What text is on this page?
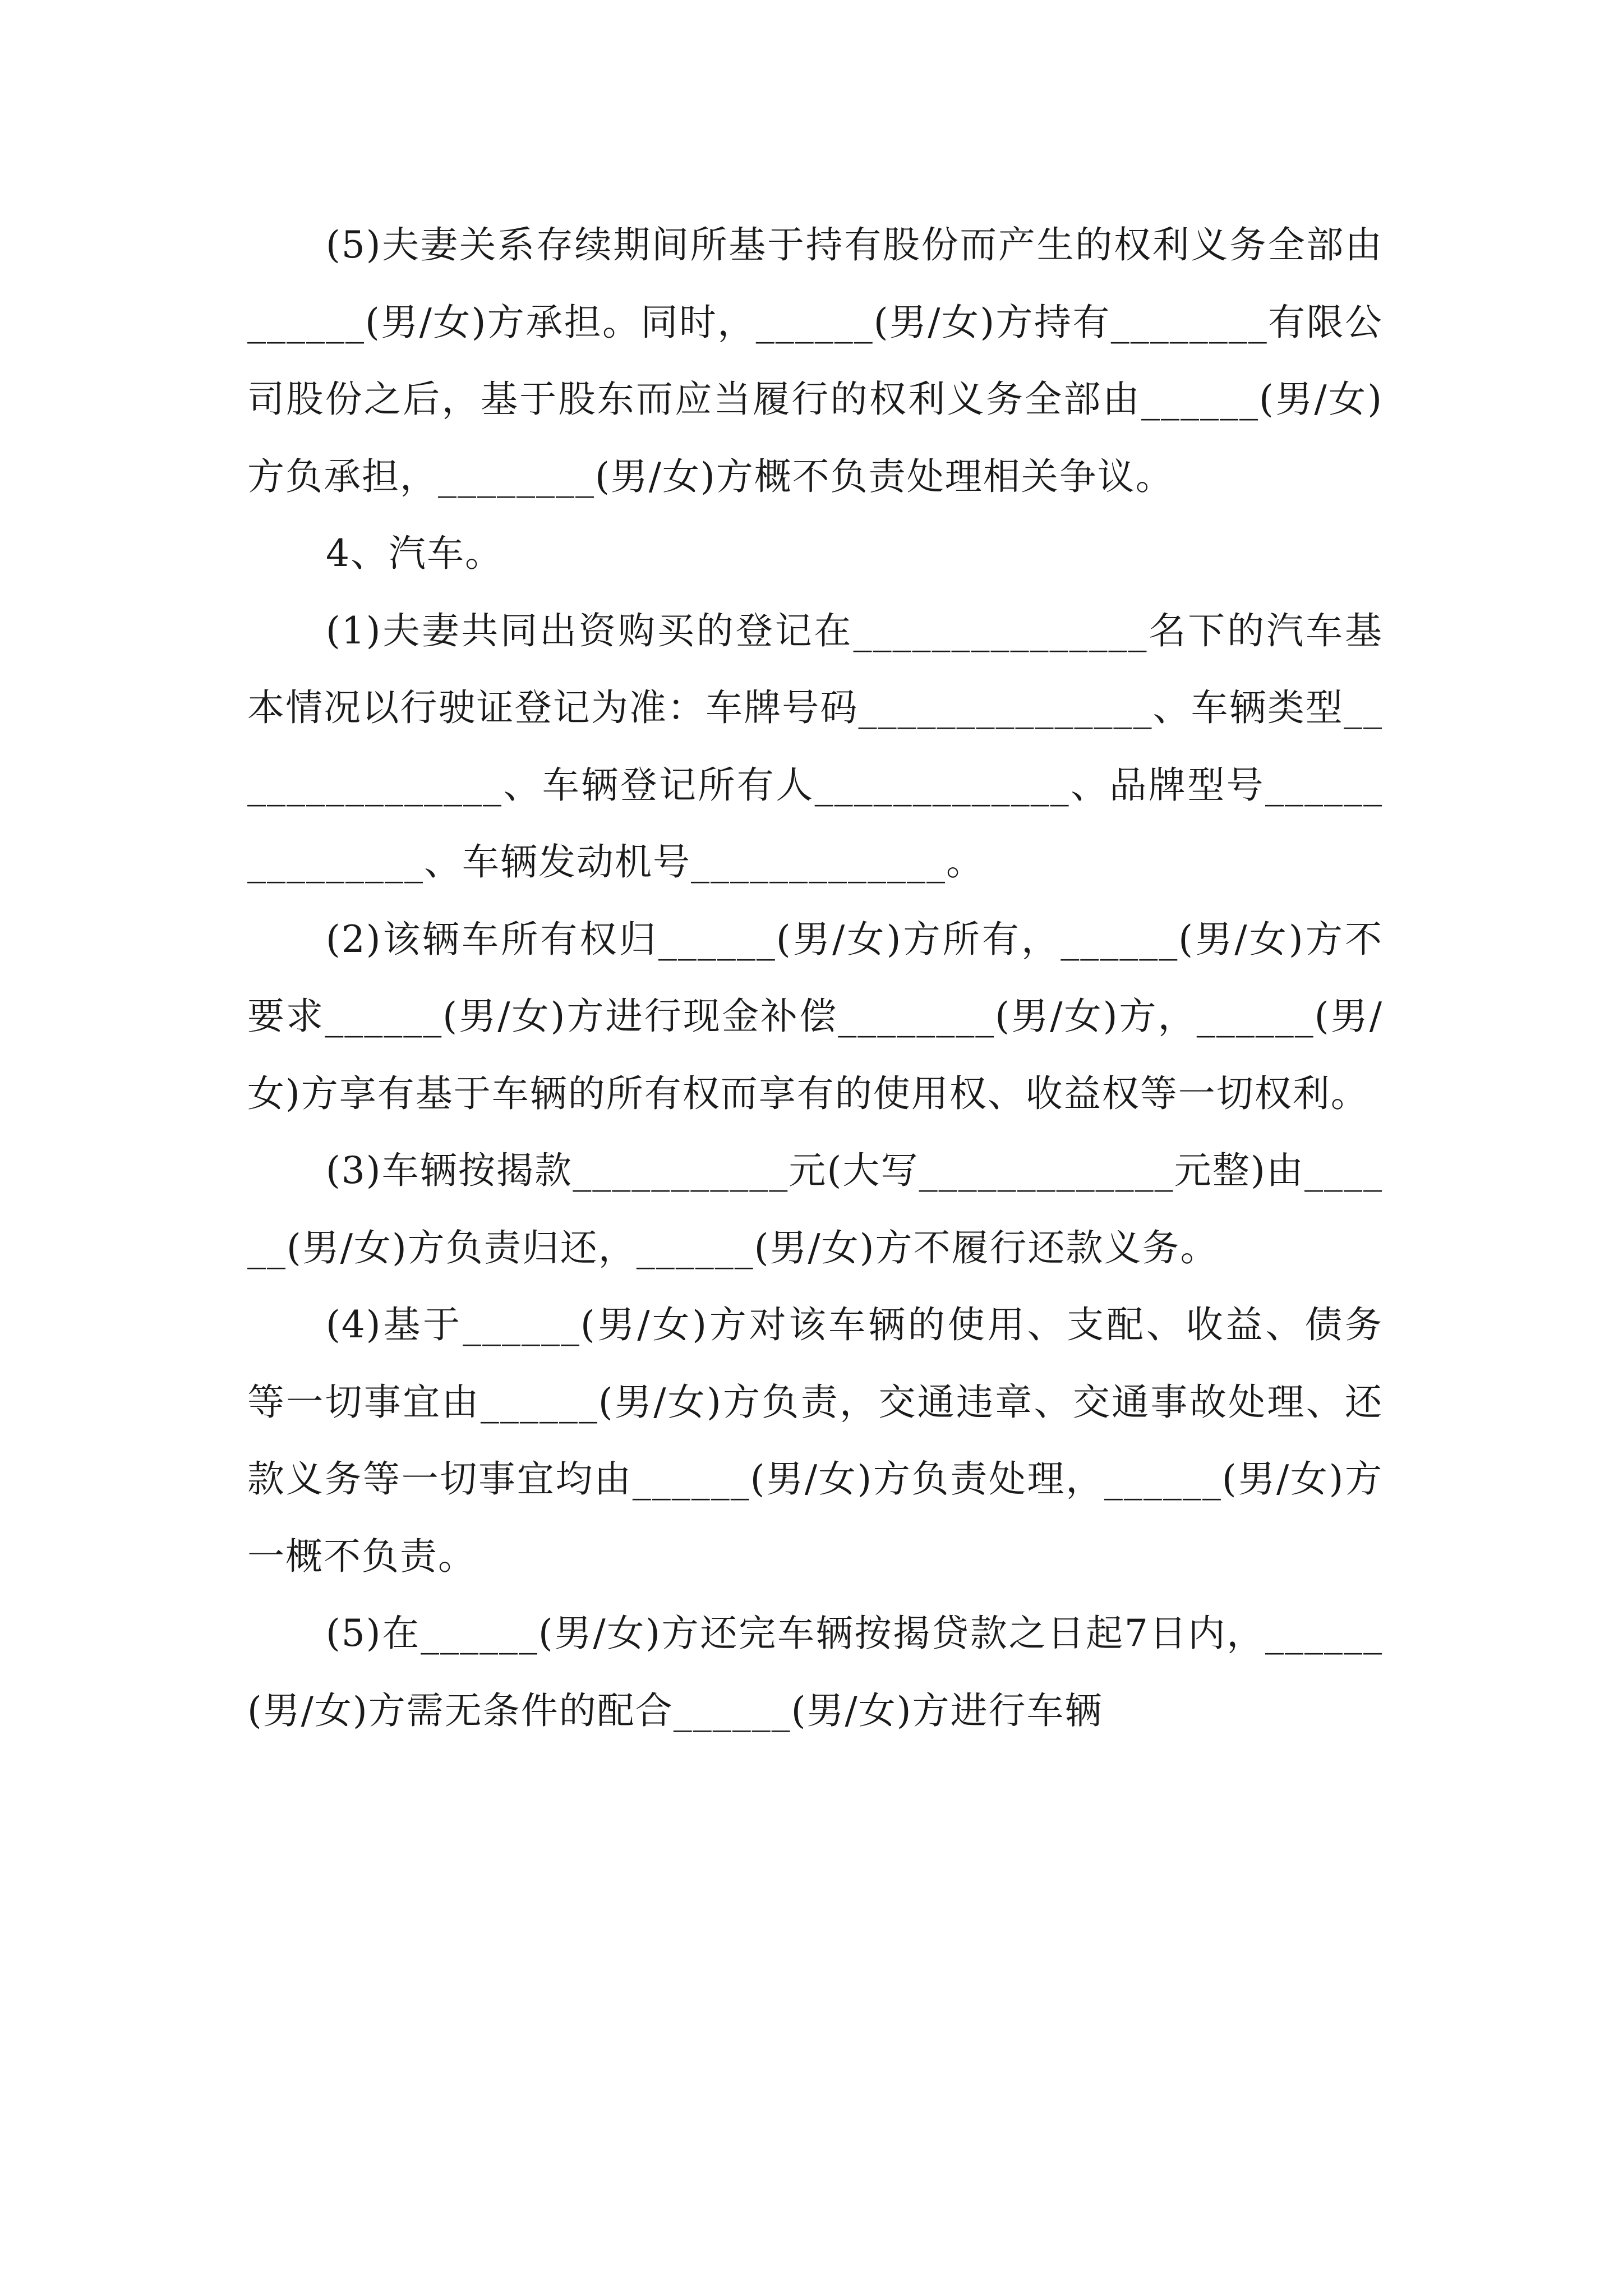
(5)夫妻关系存续期间所基于持有股份而产生的权利义务全部由______(男/女)方承担。同时，______(男/女)方持有________有限公司股份之后，基于股东而应当履行的权利义务全部由______(男/女)方负承担，________(男/女)方概不负责处理相关争议。

4、汽车。

(1)夫妻共同出资购买的登记在_______________名下的汽车基本情况以行驶证登记为准：车牌号码_______________、车辆类型_______________、车辆登记所有人_____________、品牌型号_______________、车辆发动机号_____________。

(2)该辆车所有权归______(男/女)方所有，______(男/女)方不要求______(男/女)方进行现金补偿________(男/女)方，______(男/女)方享有基于车辆的所有权而享有的使用权、收益权等一切权利。

(3)车辆按揭款___________元(大写_____________元整)由______(男/女)方负责归还，______(男/女)方不履行还款义务。

(4)基于______(男/女)方对该车辆的使用、支配、收益、债务等一切事宜由______(男/女)方负责，交通违章、交通事故处理、还款义务等一切事宜均由______(男/女)方负责处理，______(男/女)方一概不负责。

(5)在______(男/女)方还完车辆按揭贷款之日起7日内，______(男/女)方需无条件的配合______(男/女)方进行车辆
